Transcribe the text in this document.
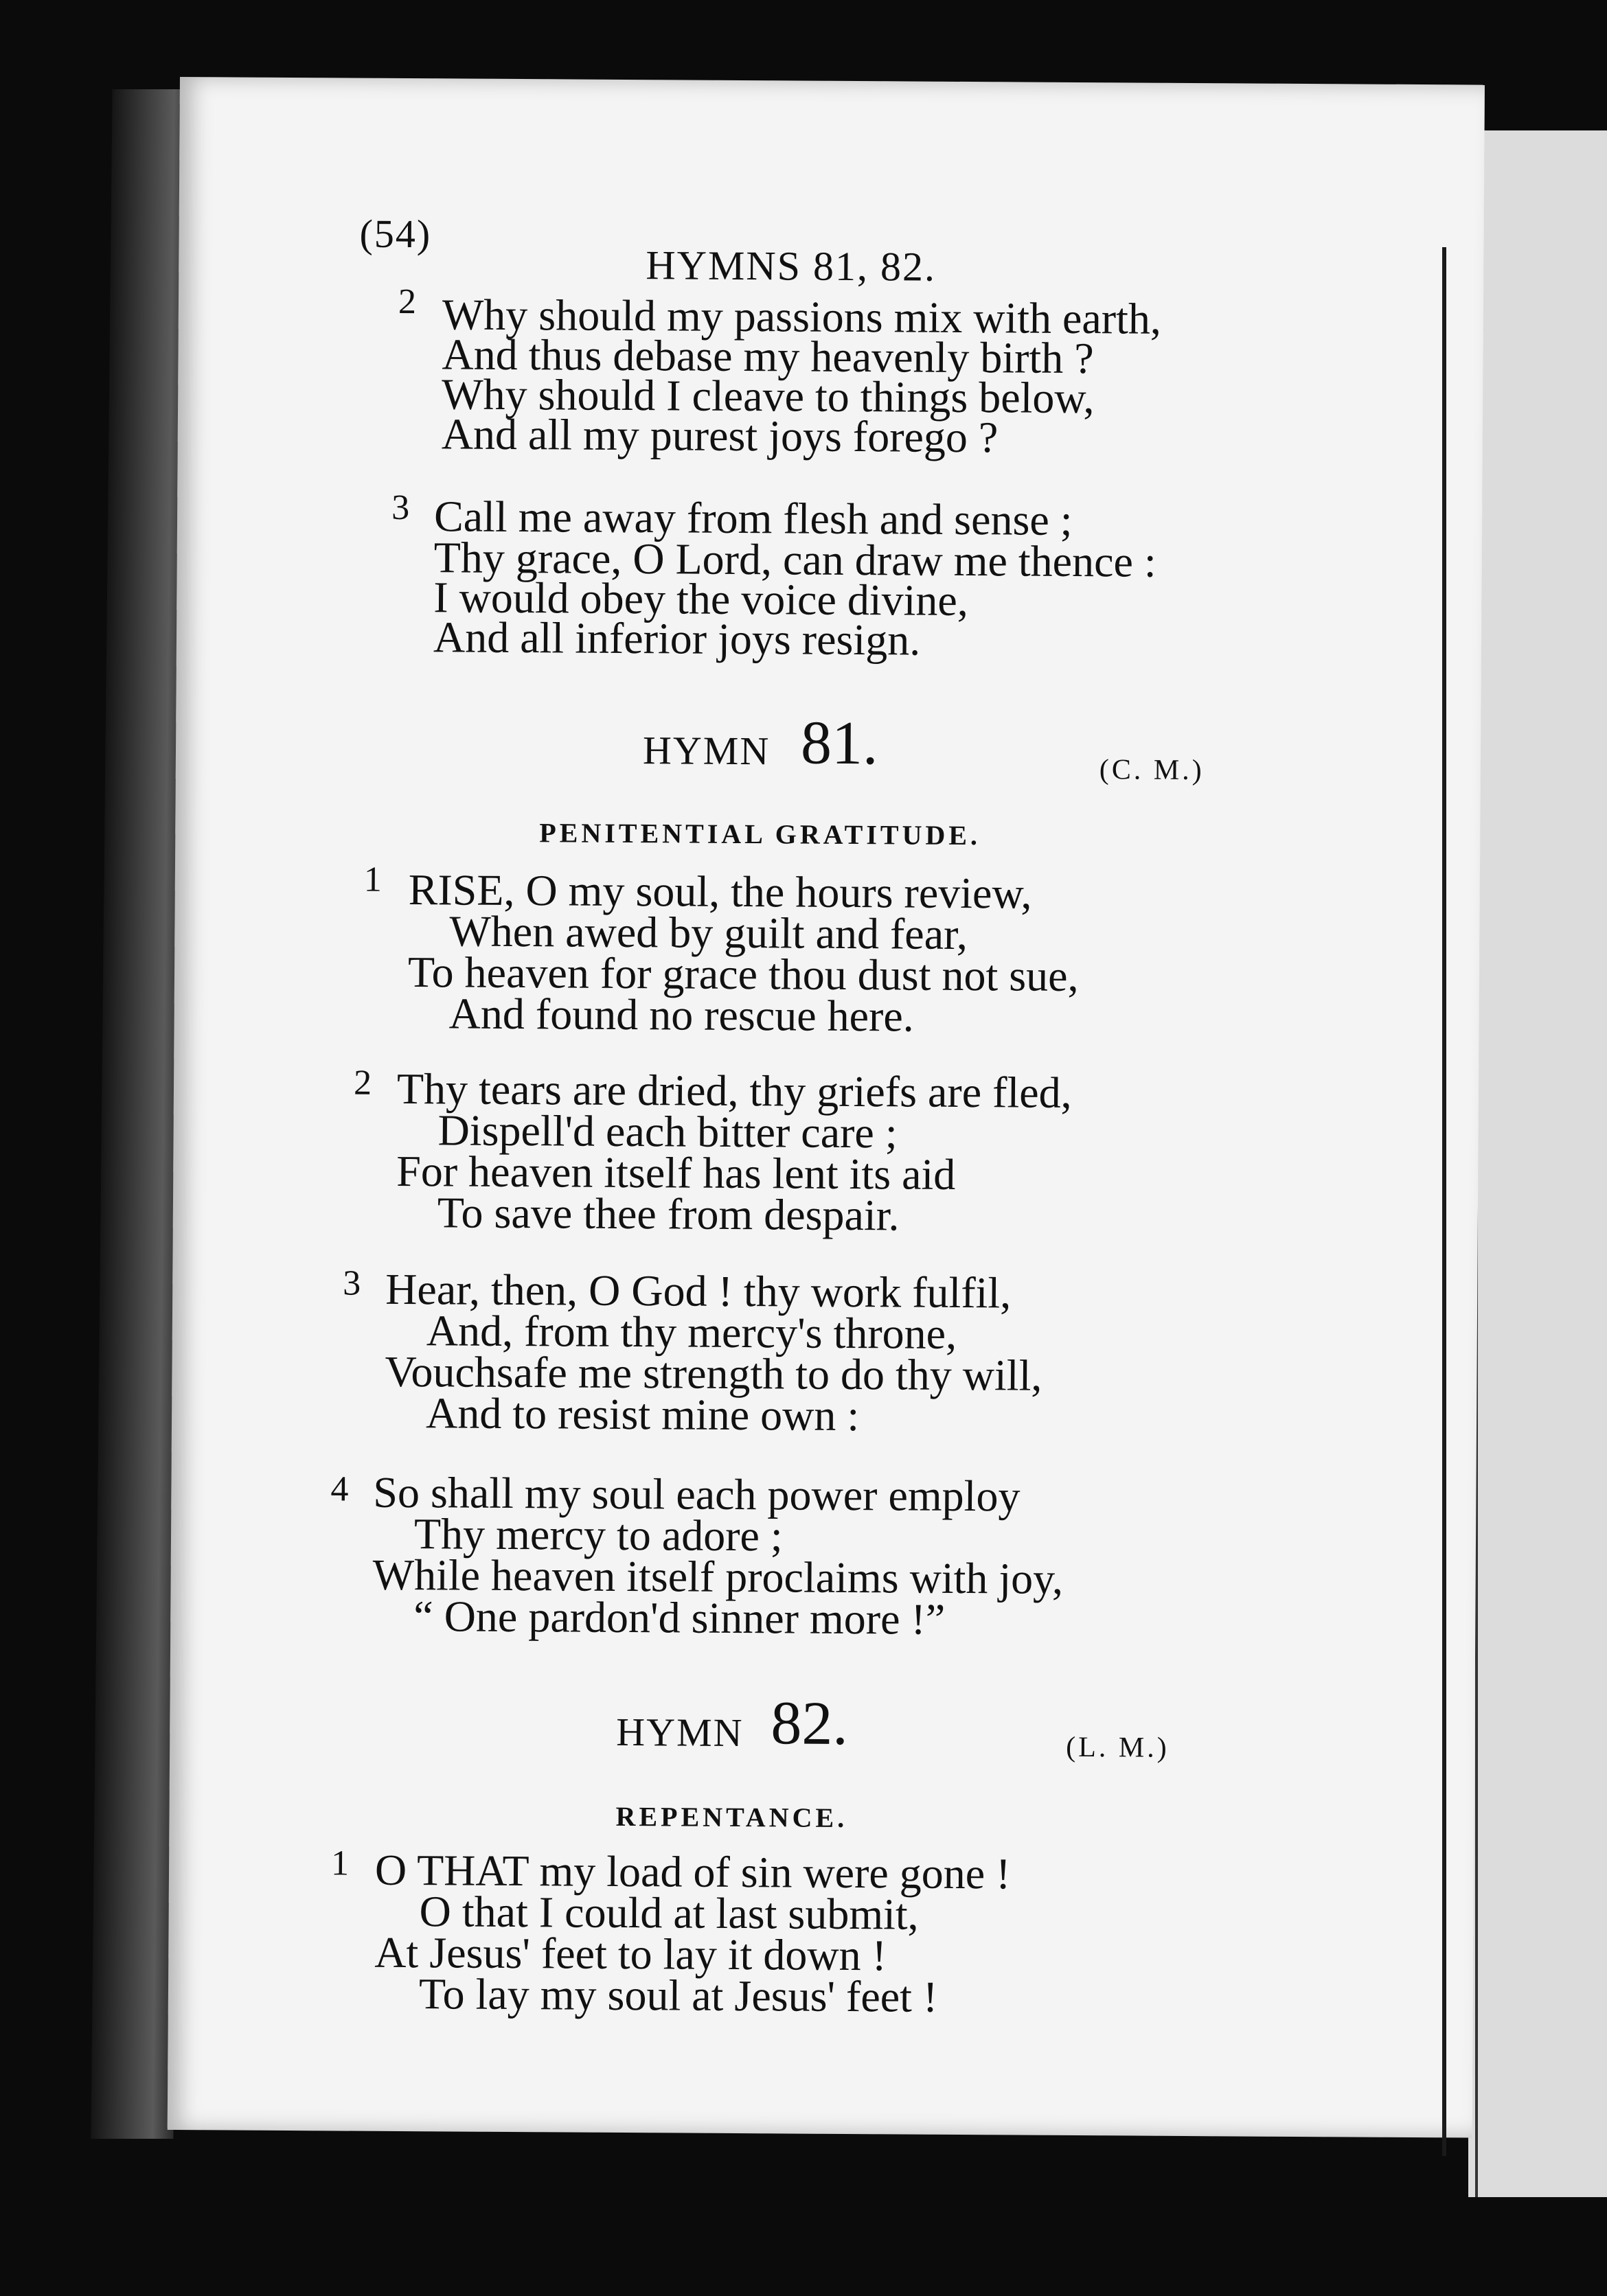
(54)
HYMNS 81, 82.
2 Why should my passions mix with earth,
And thus debase my heavenly birth ?
Why should I cleave to things below,
And all my purest joys forego ?
3 Call me away from flesh and sense ;
Thy grace, O Lord, can draw me thence :
I would obey the voice divine,
And all inferior joys resign.
HYMN 81.	(C. M.)
PENITENTIAL GRATITUDE.
1 RISE, O my soul, the hours review,
When awed by guilt and fear,
To heaven for grace thou dust not sue,
And found no rescue here.
2 Thy tears are dried, thy griefs are fled,
Dispell'd each bitter care ;
For heaven itself has lent its aid
To save thee from despair.
3 Hear, then, O God ! thy work fulfil,
And, from thy mercy's throne,
Vouchsafe me strength to do thy will,
And to resist mine own :
4 So shall my soul each power employ
Thy mercy to adore ;
While heaven itself proclaims with joy,
“ One pardon'd sinner more !”
HYMN 82.	(L. M.)
REPENTANCE.
1 O THAT my load of sin were gone !
O that I could at last submit,
At Jesus' feet to lay it down !
To lay my soul at Jesus' feet !
